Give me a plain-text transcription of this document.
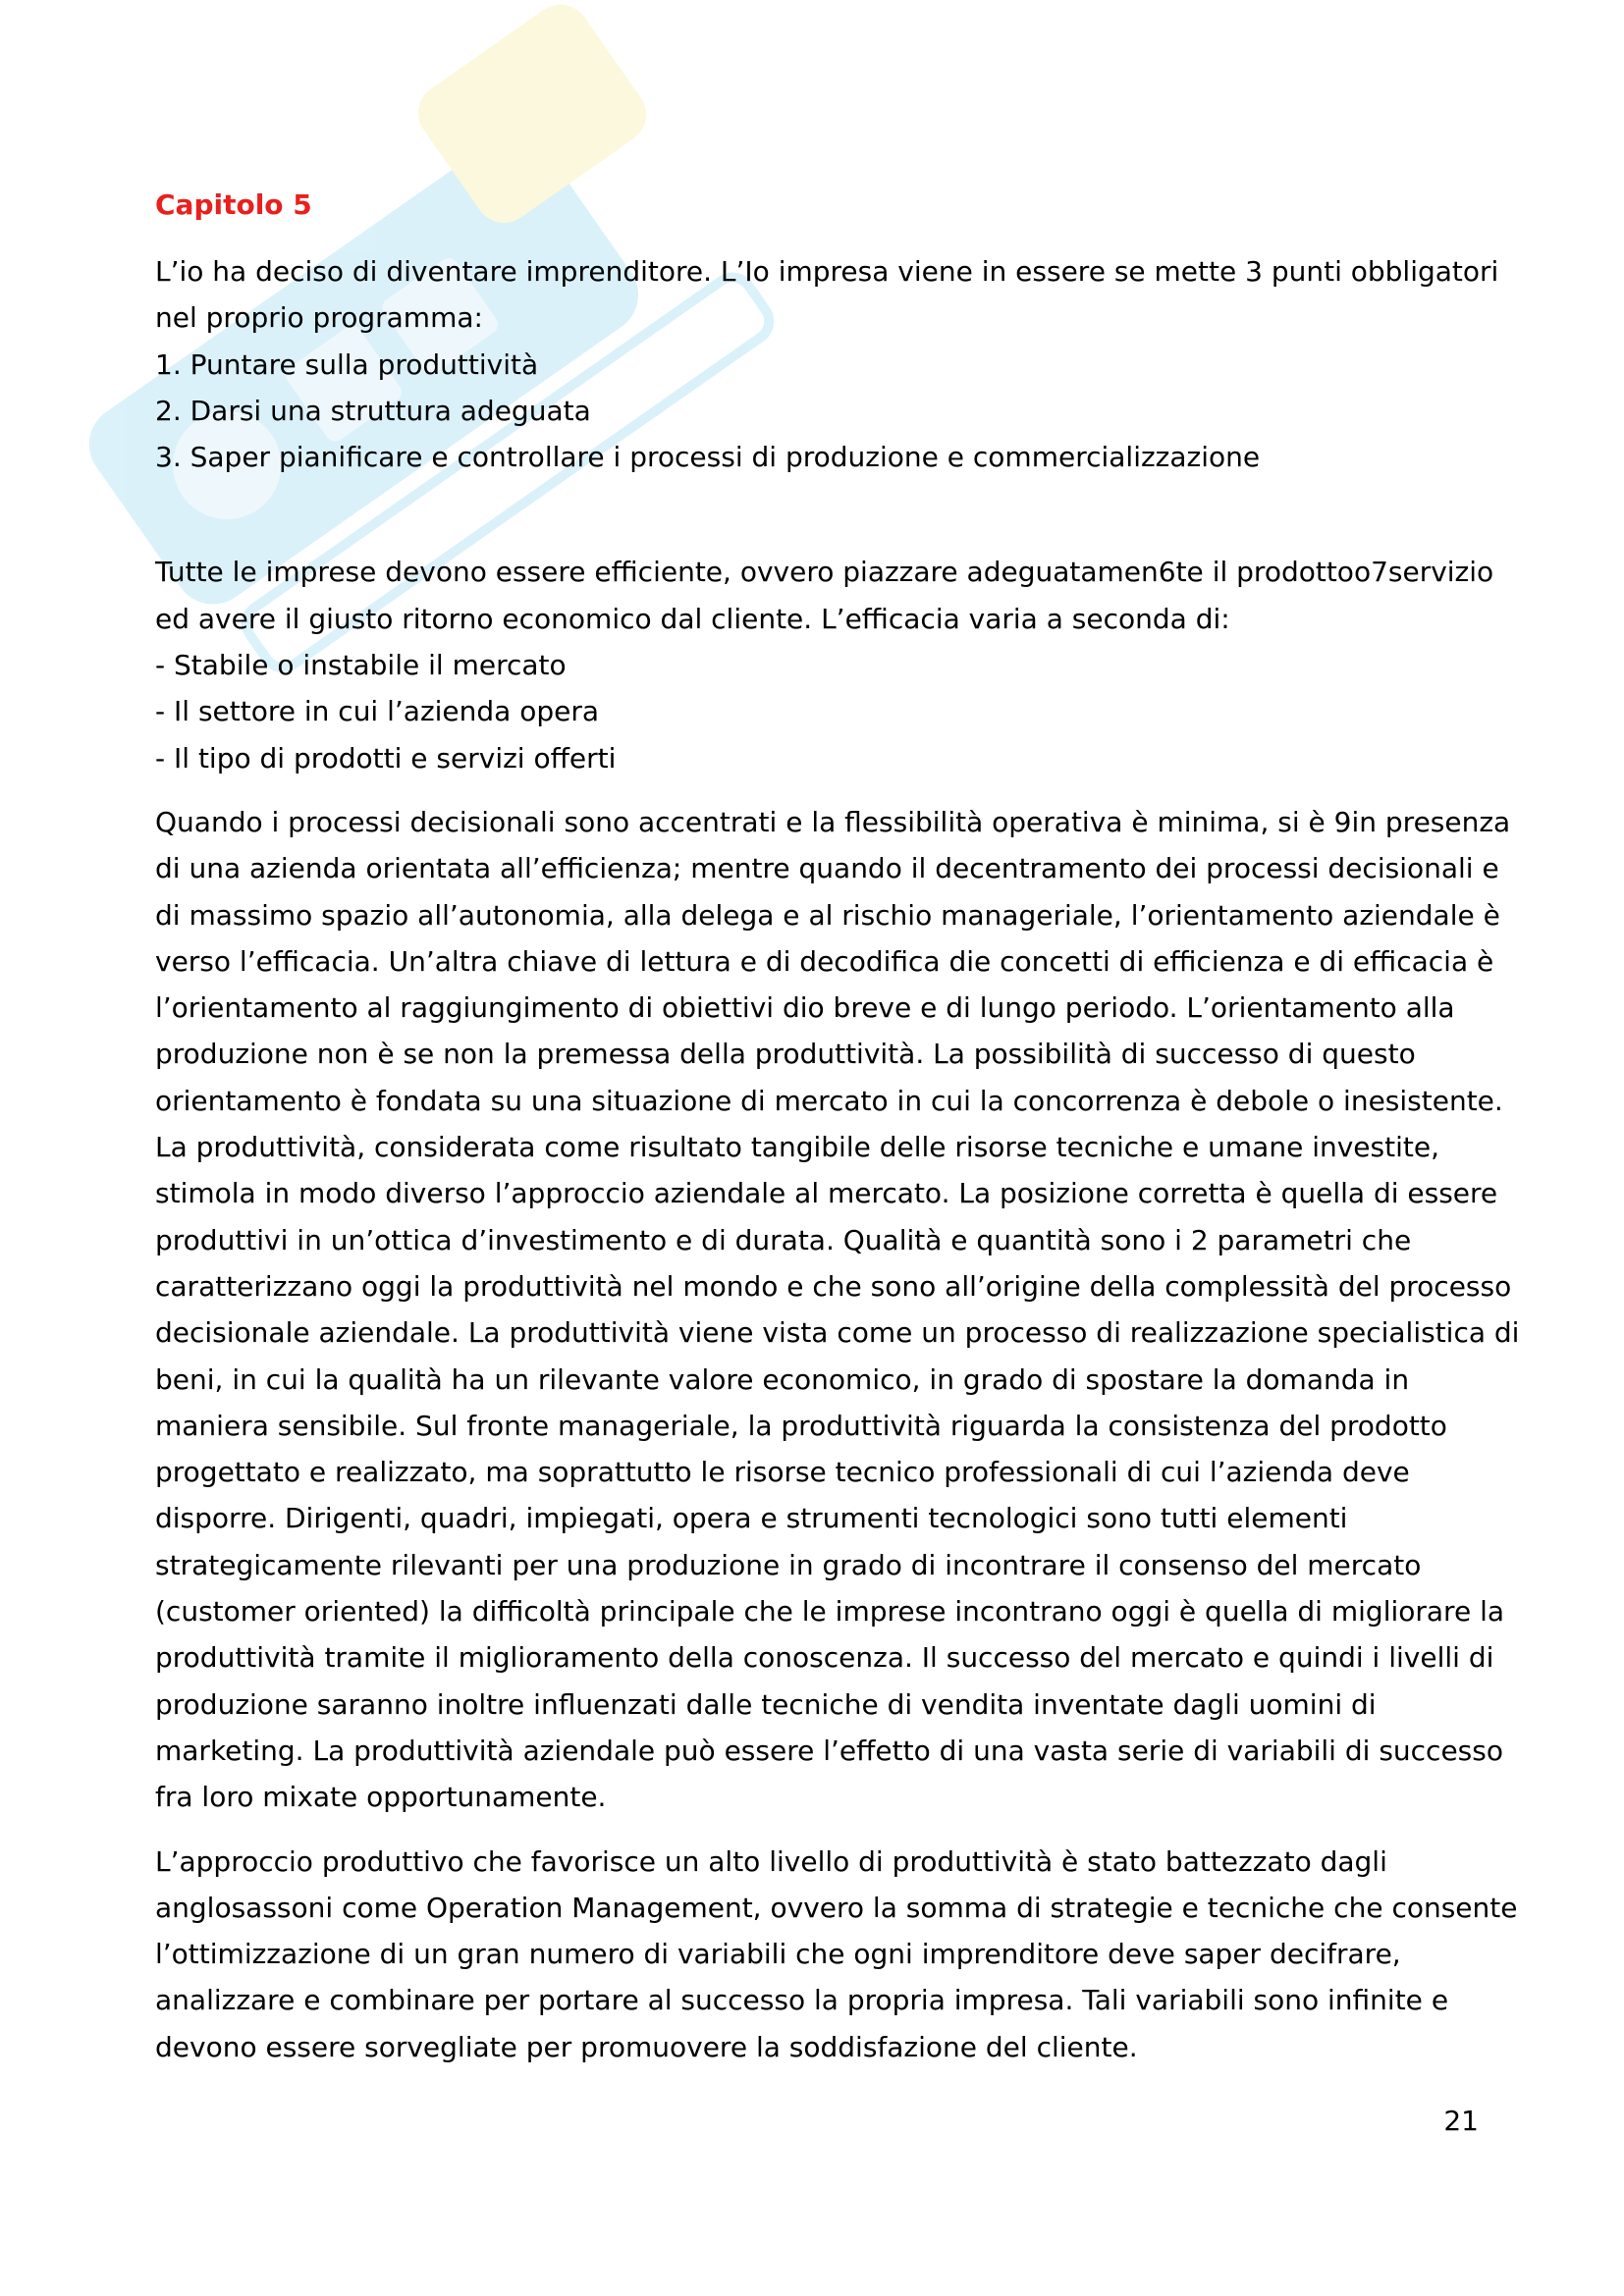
Capitolo 5
L’io ha deciso di diventare imprenditore. L’Io impresa viene in essere se mette 3 punti obbligatori
nel proprio programma:
1. Puntare sulla produttività
2. Darsi una struttura adeguata
3. Saper pianificare e controllare i processi di produzione e commercializzazione
Tutte le imprese devono essere efficiente, ovvero piazzare adeguatamen6te il prodottoo7servizio
ed avere il giusto ritorno economico dal cliente. L’efficacia varia a seconda di:
- Stabile o instabile il mercato
- Il settore in cui l’azienda opera
- Il tipo di prodotti e servizi offerti
Quando i processi decisionali sono accentrati e la flessibilità operativa è minima, si è 9in presenza
di una azienda orientata all’efficienza; mentre quando il decentramento dei processi decisionali e
di massimo spazio all’autonomia, alla delega e al rischio manageriale, l’orientamento aziendale è
verso l’efficacia. Un’altra chiave di lettura e di decodifica die concetti di efficienza e di efficacia è
l’orientamento al raggiungimento di obiettivi dio breve e di lungo periodo. L’orientamento alla
produzione non è se non la premessa della produttività. La possibilità di successo di questo
orientamento è fondata su una situazione di mercato in cui la concorrenza è debole o inesistente.
La produttività, considerata come risultato tangibile delle risorse tecniche e umane investite,
stimola in modo diverso l’approccio aziendale al mercato. La posizione corretta è quella di essere
produttivi in un’ottica d’investimento e di durata. Qualità e quantità sono i 2 parametri che
caratterizzano oggi la produttività nel mondo e che sono all’origine della complessità del processo
decisionale aziendale. La produttività viene vista come un processo di realizzazione specialistica di
beni, in cui la qualità ha un rilevante valore economico, in grado di spostare la domanda in
maniera sensibile. Sul fronte manageriale, la produttività riguarda la consistenza del prodotto
progettato e realizzato, ma soprattutto le risorse tecnico professionali di cui l’azienda deve
disporre. Dirigenti, quadri, impiegati, opera e strumenti tecnologici sono tutti elementi
strategicamente rilevanti per una produzione in grado di incontrare il consenso del mercato
(customer oriented) la difficoltà principale che le imprese incontrano oggi è quella di migliorare la
produttività tramite il miglioramento della conoscenza. Il successo del mercato e quindi i livelli di
produzione saranno inoltre influenzati dalle tecniche di vendita inventate dagli uomini di
marketing. La produttività aziendale può essere l’effetto di una vasta serie di variabili di successo
fra loro mixate opportunamente.
L’approccio produttivo che favorisce un alto livello di produttività è stato battezzato dagli
anglosassoni come Operation Management, ovvero la somma di strategie e tecniche che consente
l’ottimizzazione di un gran numero di variabili che ogni imprenditore deve saper decifrare,
analizzare e combinare per portare al successo la propria impresa. Tali variabili sono infinite e
devono essere sorvegliate per promuovere la soddisfazione del cliente.
21
